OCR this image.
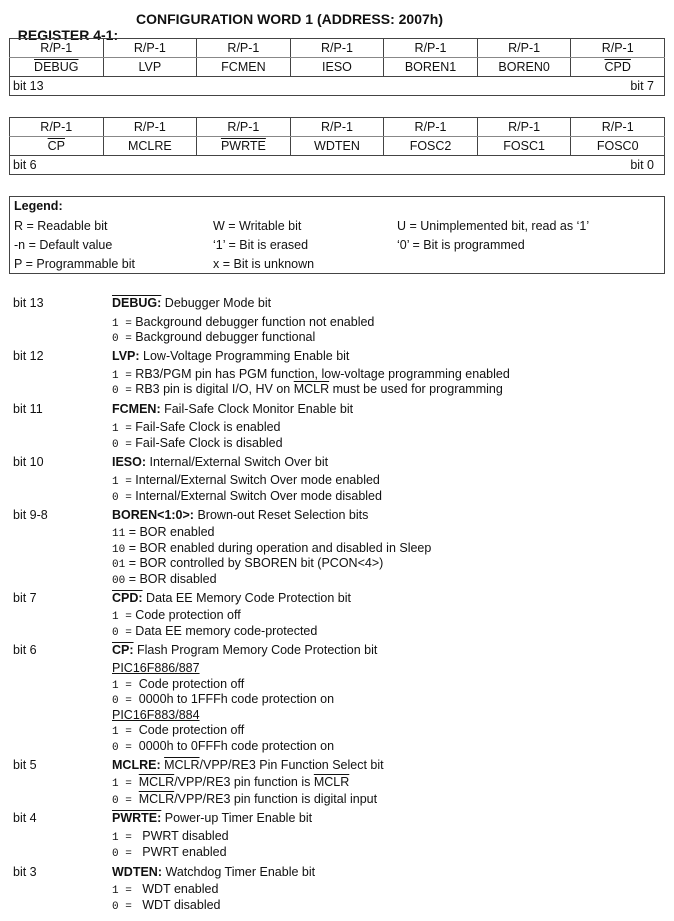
REGISTER 4-1:

CONFIGURATION WORD 1 (ADDRESS: 2007h)

R/P-1	R/P-1	R/P-1	R/P-1	R/P-1	R/P-1	R/P-1
DEBUG	LVP	FCMEN	IESO	BOREN1	BOREN0	$\overline{CPD}$
bit 13						bit 7
R/P-1	R/P-1	R/P-1	R/P-1	R/P-1	R/P-1	R/P-1
$\overline{CP}$	MCLRE	PWRTE	WDTEN	FOSC2	FOSC1	FOSC0
bit 6						bit 0
Legend:
R = Readable bit	W = Writable bit	U = Unimplemented bit, read as ‘1’
-n = Default value	‘1’ = Bit is erased	‘0’ = Bit is programmed
P = Programmable bit	x = Bit is unknown
bit 13	DEBUG: Debugger Mode bit
1 = Background debugger function not enabled
0 = Background debugger functional
bit 12	LVP: Low-Voltage Programming Enable bit
1 = RB3/PGM pin has PGM function, low-voltage programming enabled
0 = RB3 pin is digital I/O, HV on MCLR must be used for programming
bit 11	FCMEN: Fail-Safe Clock Monitor Enable bit
1 = Fail-Safe Clock is enabled
0 = Fail-Safe Clock is disabled
bit 10	IESO: Internal/External Switch Over bit
1 = Internal/External Switch Over mode enabled
0 = Internal/External Switch Over mode disabled
bit 9-8	BOREN<1:0>: Brown-out Reset Selection bits
11 = BOR enabled
10 = BOR enabled during operation and disabled in Sleep
01 = BOR controlled by SBOREN bit (PCON<4>)
00 = BOR disabled
bit 7	CPD: Data EE Memory Code Protection bit
1 = Code protection off
0 = Data EE memory code-protected
bit 6	CP: Flash Program Memory Code Protection bit
PIC16F886/887
1 = Code protection off
0 = 0000h to 1FFFh code protection on
PIC16F883/884
1 = Code protection off
0 = 0000h to 0FFFh code protection on
bit 5	MCLRE: MCLR/VPP/RE3 Pin Function Select bit
1 = MCLR/VPP/RE3 pin function is MCLR
0 = MCLR/VPP/RE3 pin function is digital input
bit 4	PWRTE: Power-up Timer Enable bit
1 = PWRT disabled
0 = PWRT enabled
bit 3	WDTEN: Watchdog Timer Enable bit
1 = WDT enabled
0 = WDT disabled
